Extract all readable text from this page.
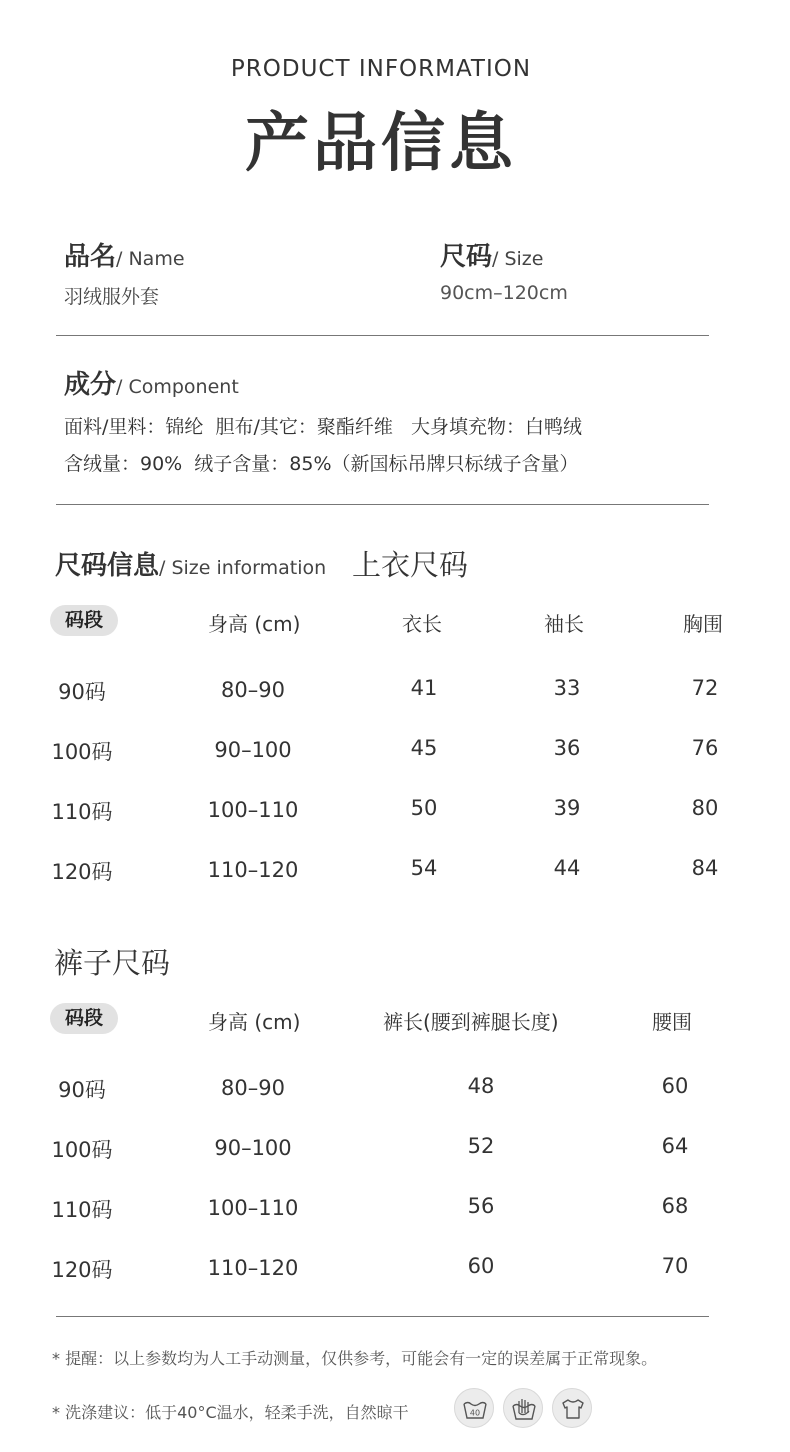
PRODUCT INFORMATION
产品信息
品名/ Name
羽绒服外套
尺码/ Size
90cm–120cm
成分/ Component
面料/里料：锦纶  胆布/其它：聚酯纤维   大身填充物：白鸭绒
含绒量：90%  绒子含量：85%（新国标吊牌只标绒子含量）
尺码信息/ Size information 上衣尺码
码段	身高 (cm)	衣长	袖长	胸围
90码	80–90	41	33	72
100码	90–100	45	36	76
110码	100–110	50	39	80
120码	110–120	54	44	84
裤子尺码
码段	身高 (cm)	裤长(腰到裤腿长度)	腰围
90码	80–90	48	60
100码	90–100	52	64
110码	100–110	56	68
120码	110–120	60	70
* 提醒：以上参数均为人工手动测量，仅供参考，可能会有一定的误差属于正常现象。
* 洗涤建议：低于40°C温水，轻柔手洗，自然晾干	40
